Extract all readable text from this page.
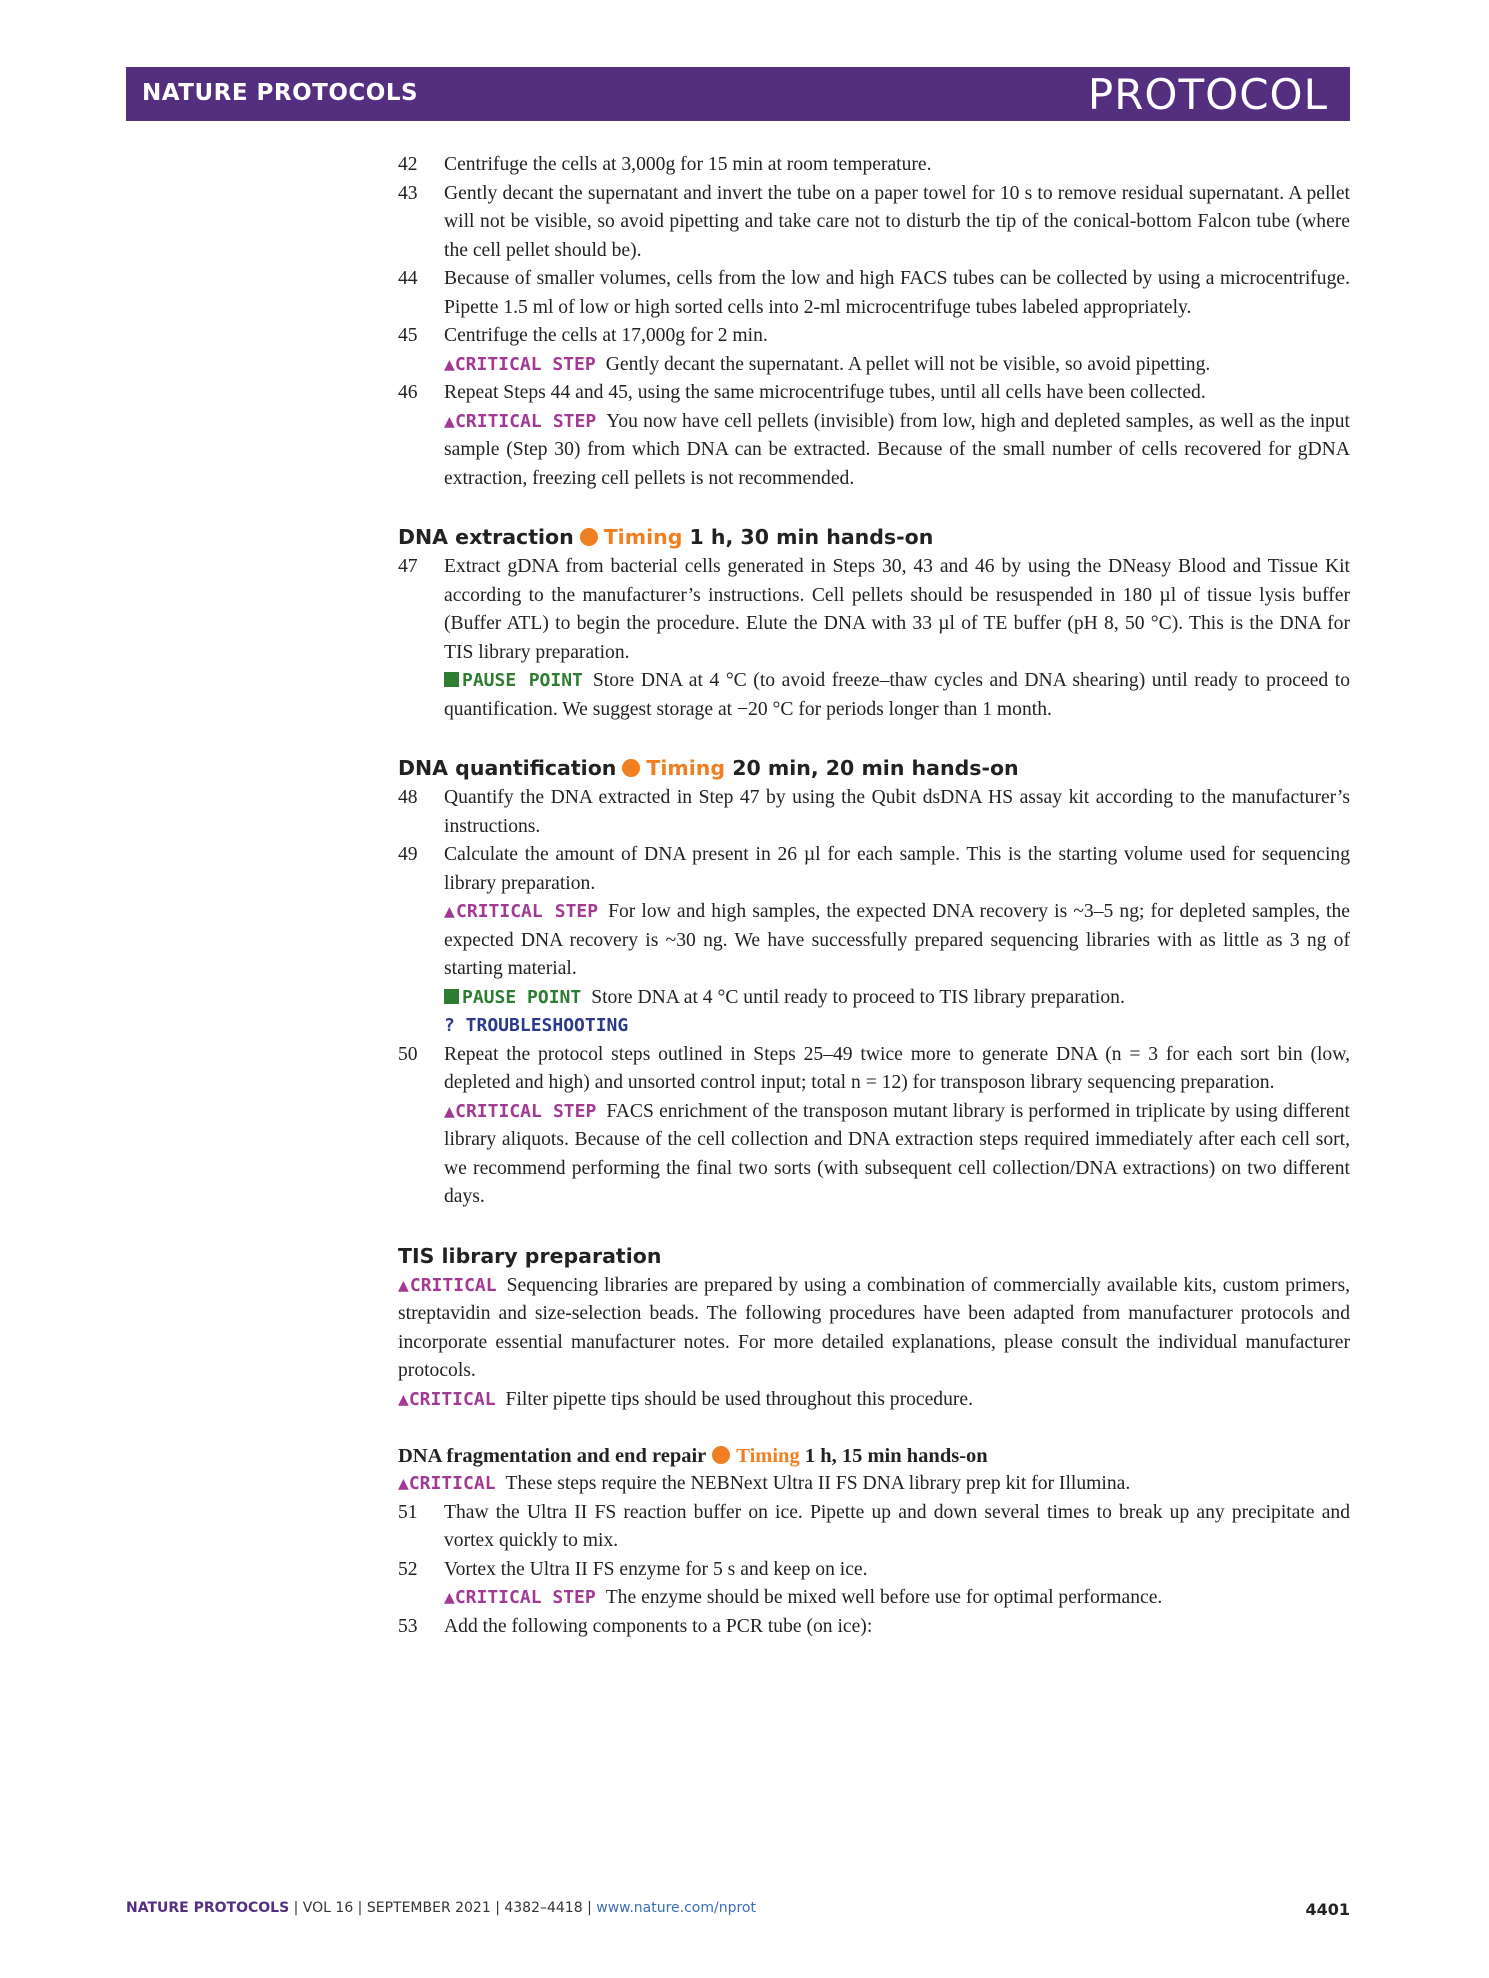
NATURE PROTOCOLS	PROTOCOL
42 Centrifuge the cells at 3,000g for 15 min at room temperature.
43 Gently decant the supernatant and invert the tube on a paper towel for 10 s to remove residual supernatant. A pellet will not be visible, so avoid pipetting and take care not to disturb the tip of the conical-bottom Falcon tube (where the cell pellet should be).
44 Because of smaller volumes, cells from the low and high FACS tubes can be collected by using a microcentrifuge. Pipette 1.5 ml of low or high sorted cells into 2-ml microcentrifuge tubes labeled appropriately.
45 Centrifuge the cells at 17,000g for 2 min.
▲CRITICAL STEP Gently decant the supernatant. A pellet will not be visible, so avoid pipetting.
46 Repeat Steps 44 and 45, using the same microcentrifuge tubes, until all cells have been collected.
▲CRITICAL STEP You now have cell pellets (invisible) from low, high and depleted samples, as well as the input sample (Step 30) from which DNA can be extracted. Because of the small number of cells recovered for gDNA extraction, freezing cell pellets is not recommended.
DNA extraction Timing 1 h, 30 min hands-on
47 Extract gDNA from bacterial cells generated in Steps 30, 43 and 46 by using the DNeasy Blood and Tissue Kit according to the manufacturer’s instructions. Cell pellets should be resuspended in 180 µl of tissue lysis buffer (Buffer ATL) to begin the procedure. Elute the DNA with 33 µl of TE buffer (pH 8, 50 °C). This is the DNA for TIS library preparation.
PAUSE POINT Store DNA at 4 °C (to avoid freeze–thaw cycles and DNA shearing) until ready to proceed to quantification. We suggest storage at −20 °C for periods longer than 1 month.
DNA quantification Timing 20 min, 20 min hands-on
48 Quantify the DNA extracted in Step 47 by using the Qubit dsDNA HS assay kit according to the manufacturer’s instructions.
49 Calculate the amount of DNA present in 26 µl for each sample. This is the starting volume used for sequencing library preparation.
▲CRITICAL STEP For low and high samples, the expected DNA recovery is ~3–5 ng; for depleted samples, the expected DNA recovery is ~30 ng. We have successfully prepared sequencing libraries with as little as 3 ng of starting material.
PAUSE POINT Store DNA at 4 °C until ready to proceed to TIS library preparation.
? TROUBLESHOOTING
50 Repeat the protocol steps outlined in Steps 25–49 twice more to generate DNA (n = 3 for each sort bin (low, depleted and high) and unsorted control input; total n = 12) for transposon library sequencing preparation.
▲CRITICAL STEP FACS enrichment of the transposon mutant library is performed in triplicate by using different library aliquots. Because of the cell collection and DNA extraction steps required immediately after each cell sort, we recommend performing the final two sorts (with subsequent cell collection/DNA extractions) on two different days.
TIS library preparation
▲CRITICAL Sequencing libraries are prepared by using a combination of commercially available kits, custom primers, streptavidin and size-selection beads. The following procedures have been adapted from manufacturer protocols and incorporate essential manufacturer notes. For more detailed explanations, please consult the individual manufacturer protocols.
▲CRITICAL Filter pipette tips should be used throughout this procedure.
DNA fragmentation and end repair Timing 1 h, 15 min hands-on
▲CRITICAL These steps require the NEBNext Ultra II FS DNA library prep kit for Illumina.
51 Thaw the Ultra II FS reaction buffer on ice. Pipette up and down several times to break up any precipitate and vortex quickly to mix.
52 Vortex the Ultra II FS enzyme for 5 s and keep on ice.
▲CRITICAL STEP The enzyme should be mixed well before use for optimal performance.
53 Add the following components to a PCR tube (on ice):
NATURE PROTOCOLS | VOL 16 | SEPTEMBER 2021 | 4382–4418 | www.nature.com/nprot	4401
